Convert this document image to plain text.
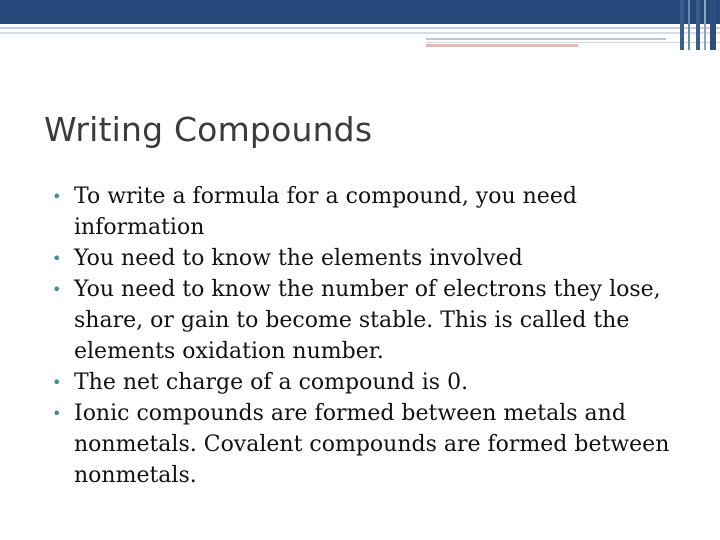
Writing Compounds
• To write a formula for a compound, you need information
• You need to know the elements involved
• You need to know the number of electrons they lose, share, or gain to become stable. This is called the elements oxidation number.
• The net charge of a compound is 0.
• Ionic compounds are formed between metals and nonmetals. Covalent compounds are formed between nonmetals.
